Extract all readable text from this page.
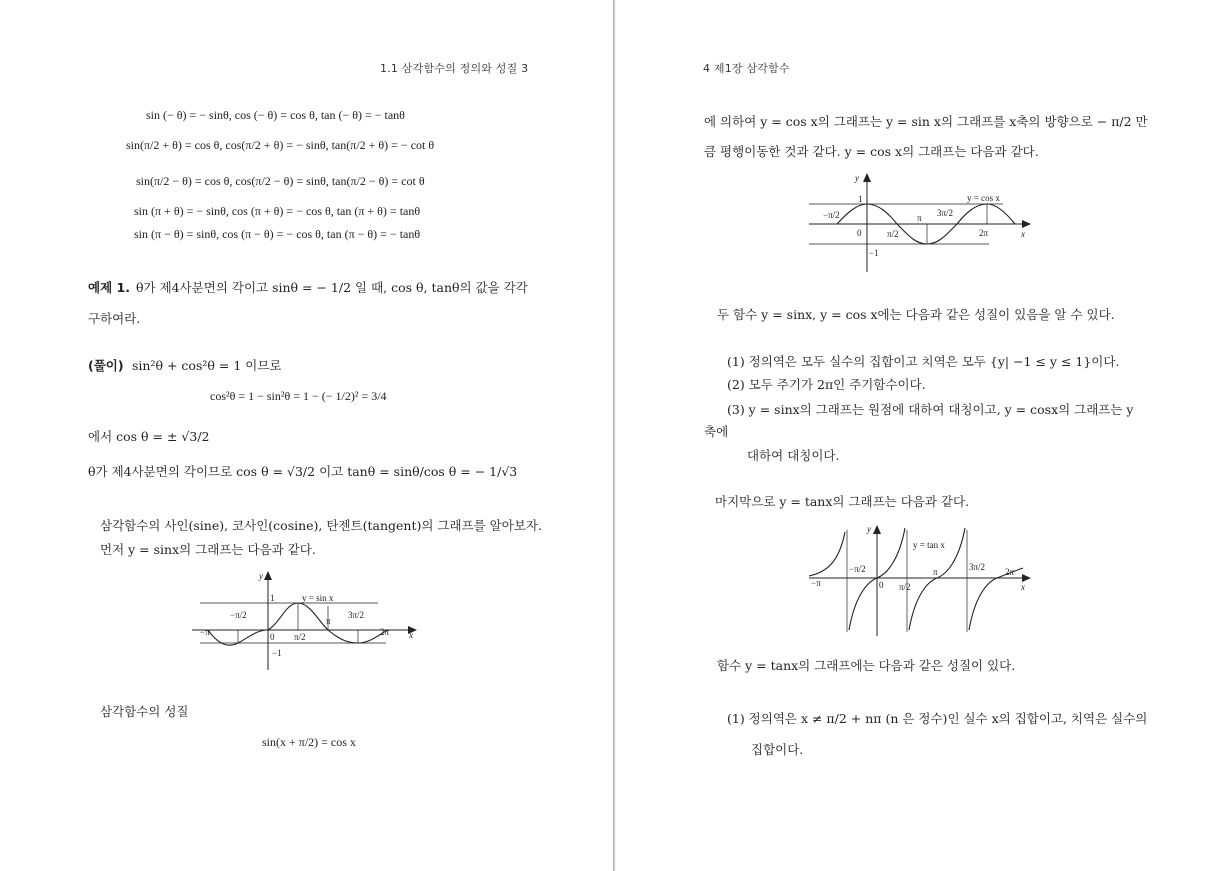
1.1 삼각함수의 정의와 성질 3
sin (− θ) = − sinθ, cos (− θ) = cos θ, tan (− θ) = − tanθ
sin(π/2 + θ) = cos θ, cos(π/2 + θ) = − sinθ, tan(π/2 + θ) = − cot θ
sin(π/2 − θ) = cos θ, cos(π/2 − θ) = sinθ, tan(π/2 − θ) = cot θ
sin (π + θ) = − sinθ, cos (π + θ) = − cos θ, tan (π + θ) = tanθ
sin (π − θ) = sinθ, cos (π − θ) = − cos θ, tan (π − θ) = − tanθ
예제 1. θ가 제4사분면의 각이고 sinθ = − 1/2 일 때, cos θ, tanθ의 값을 각각
구하여라.
(풀이) sin²θ + cos²θ = 1 이므로
cos²θ = 1 − sin²θ = 1 − (− 1/2)² = 3/4
에서 cos θ = ± √3/2
θ가 제4사분면의 각이므로 cos θ = √3/2 이고 tanθ = sinθ/cos θ = − 1/√3
삼각함수의 사인(sine), 코사인(cosine), 탄젠트(tangent)의 그래프를 알아보자.
먼저 y = sinx의 그래프는 다음과 같다.
y
x
y = sin x
1
−1
0
−π/2
π/2
π
3π/2
2π
−π
삼각함수의 성질
sin(x + π/2) = cos x
4 제1장 삼각함수
에 의하여 y = cos x의 그래프는 y = sin x의 그래프를 x축의 방향으로 − π/2 만
큼 평행이동한 것과 같다. y = cos x의 그래프는 다음과 같다.
y
x
y = cos x
1
−1
0
−π/2
π/2
π 3π/2
2π
두 함수 y = sinx, y = cos x에는 다음과 같은 성질이 있음을 알 수 있다.
(1) 정의역은 모두 실수의 집합이고 치역은 모두 {y| −1 ≤ y ≤ 1}이다.
(2) 모두 주기가 2π인 주기함수이다.
(3) y = sinx의 그래프는 원점에 대하여 대칭이고, y = cosx의 그래프는 y
축에
대하여 대칭이다.
마지막으로 y = tanx의 그래프는 다음과 같다.
y
x
y = tan x
0
−π
−π/2
π/2
π	3π/2 2π
함수 y = tanx의 그래프에는 다음과 같은 성질이 있다.
(1) 정의역은 x ≠ π/2 + nπ (n 은 정수)인 실수 x의 집합이고, 치역은 실수의
집합이다.
